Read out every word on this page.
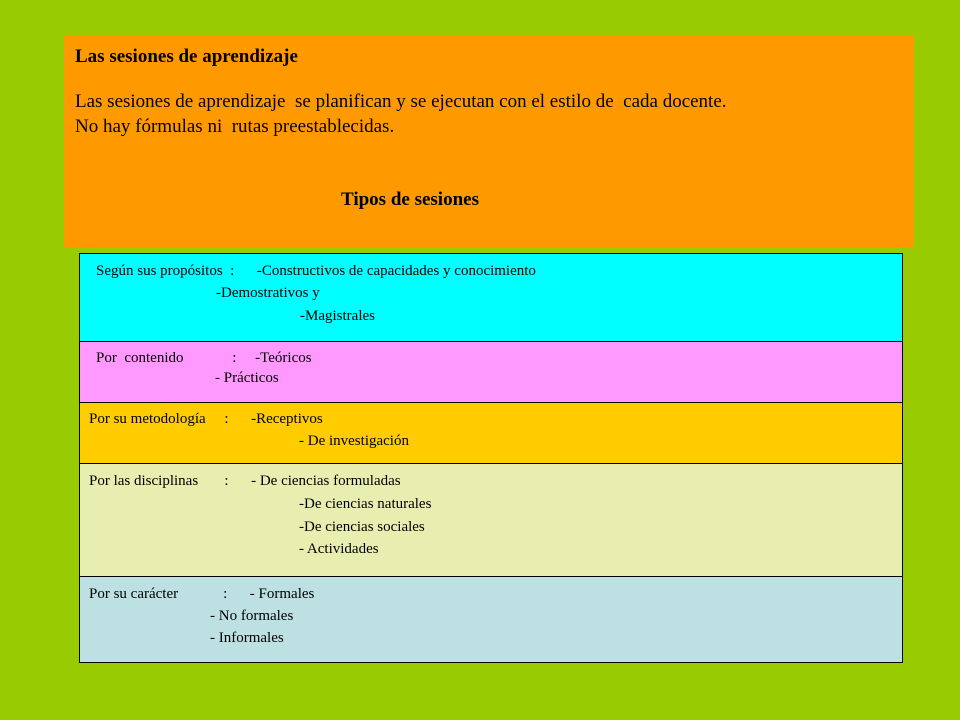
Las sesiones de aprendizaje

Las sesiones de aprendizaje  se planifican y se ejecutan con el estilo de  cada docente.
No hay fórmulas ni  rutas preestablecidas.

Tipos de sesiones

Según sus propósitos  :      -Constructivos de capacidades y conocimiento
-Demostrativos y
-Magistrales
Por  contenido             :     -Teóricos
- Prácticos
Por su metodología     :      -Receptivos
- De investigación
Por las disciplinas       :      - De ciencias formuladas
-De ciencias naturales
-De ciencias sociales
- Actividades
Por su carácter            :      - Formales
- No formales
- Informales
